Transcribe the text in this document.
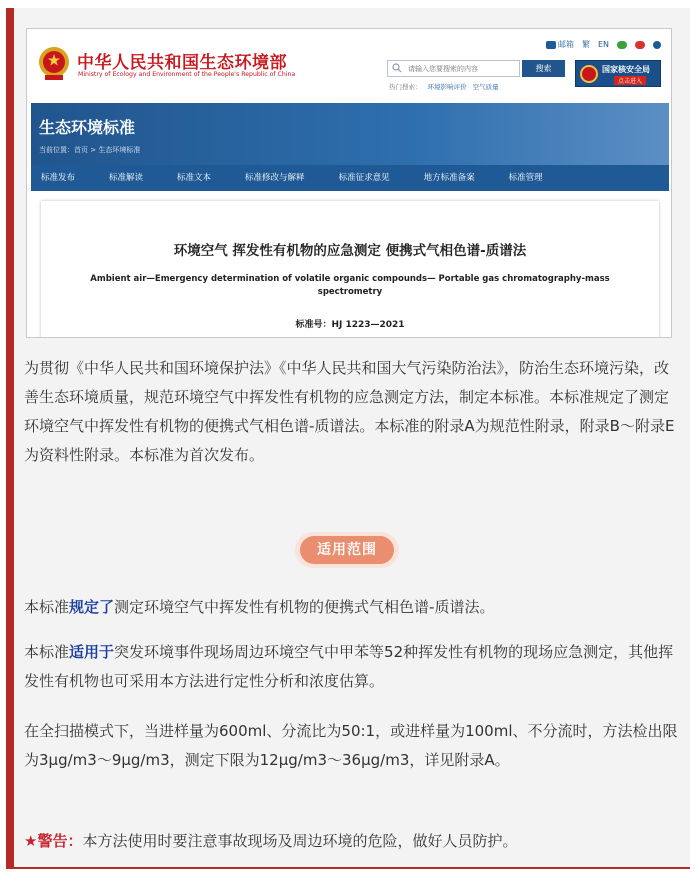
中华人民共和国生态环境部
Ministry of Ecology and Environment of the People's Republic of China
邮箱 繁 EN
请输入您要搜索的内容
搜索
热门搜索： 环境影响评价 空气质量
国家核安全局
点击进入
生态环境标准
当前位置：首页 > 生态环境标准
标准发布	标准解读	标准文本	标准修改与解释	标准征求意见	地方标准备案	标准管理
环境空气 挥发性有机物的应急测定 便携式气相色谱-质谱法
Ambient air—Emergency determination of volatile organic compounds— Portable gas chromatography-mass spectrometry
标准号：HJ 1223—2021

为贯彻《中华人民共和国环境保护法》《中华人民共和国大气污染防治法》，防治生态环境污染，改善生态环境质量，规范环境空气中挥发性有机物的应急测定方法，制定本标准。本标准规定了测定环境空气中挥发性有机物的便携式气相色谱-质谱法。本标准的附录A为规范性附录，附录B～附录E为资料性附录。本标准为首次发布。

适用范围

本标准规定了测定环境空气中挥发性有机物的便携式气相色谱-质谱法。

本标准适用于突发环境事件现场周边环境空气中甲苯等52种挥发性有机物的现场应急测定，其他挥发性有机物也可采用本方法进行定性分析和浓度估算。

在全扫描模式下，当进样量为600ml、分流比为50:1，或进样量为100ml、不分流时，方法检出限为3μg/m3～9μg/m3，测定下限为12μg/m3～36μg/m3，详见附录A。

★警告：本方法使用时要注意事故现场及周边环境的危险，做好人员防护。
